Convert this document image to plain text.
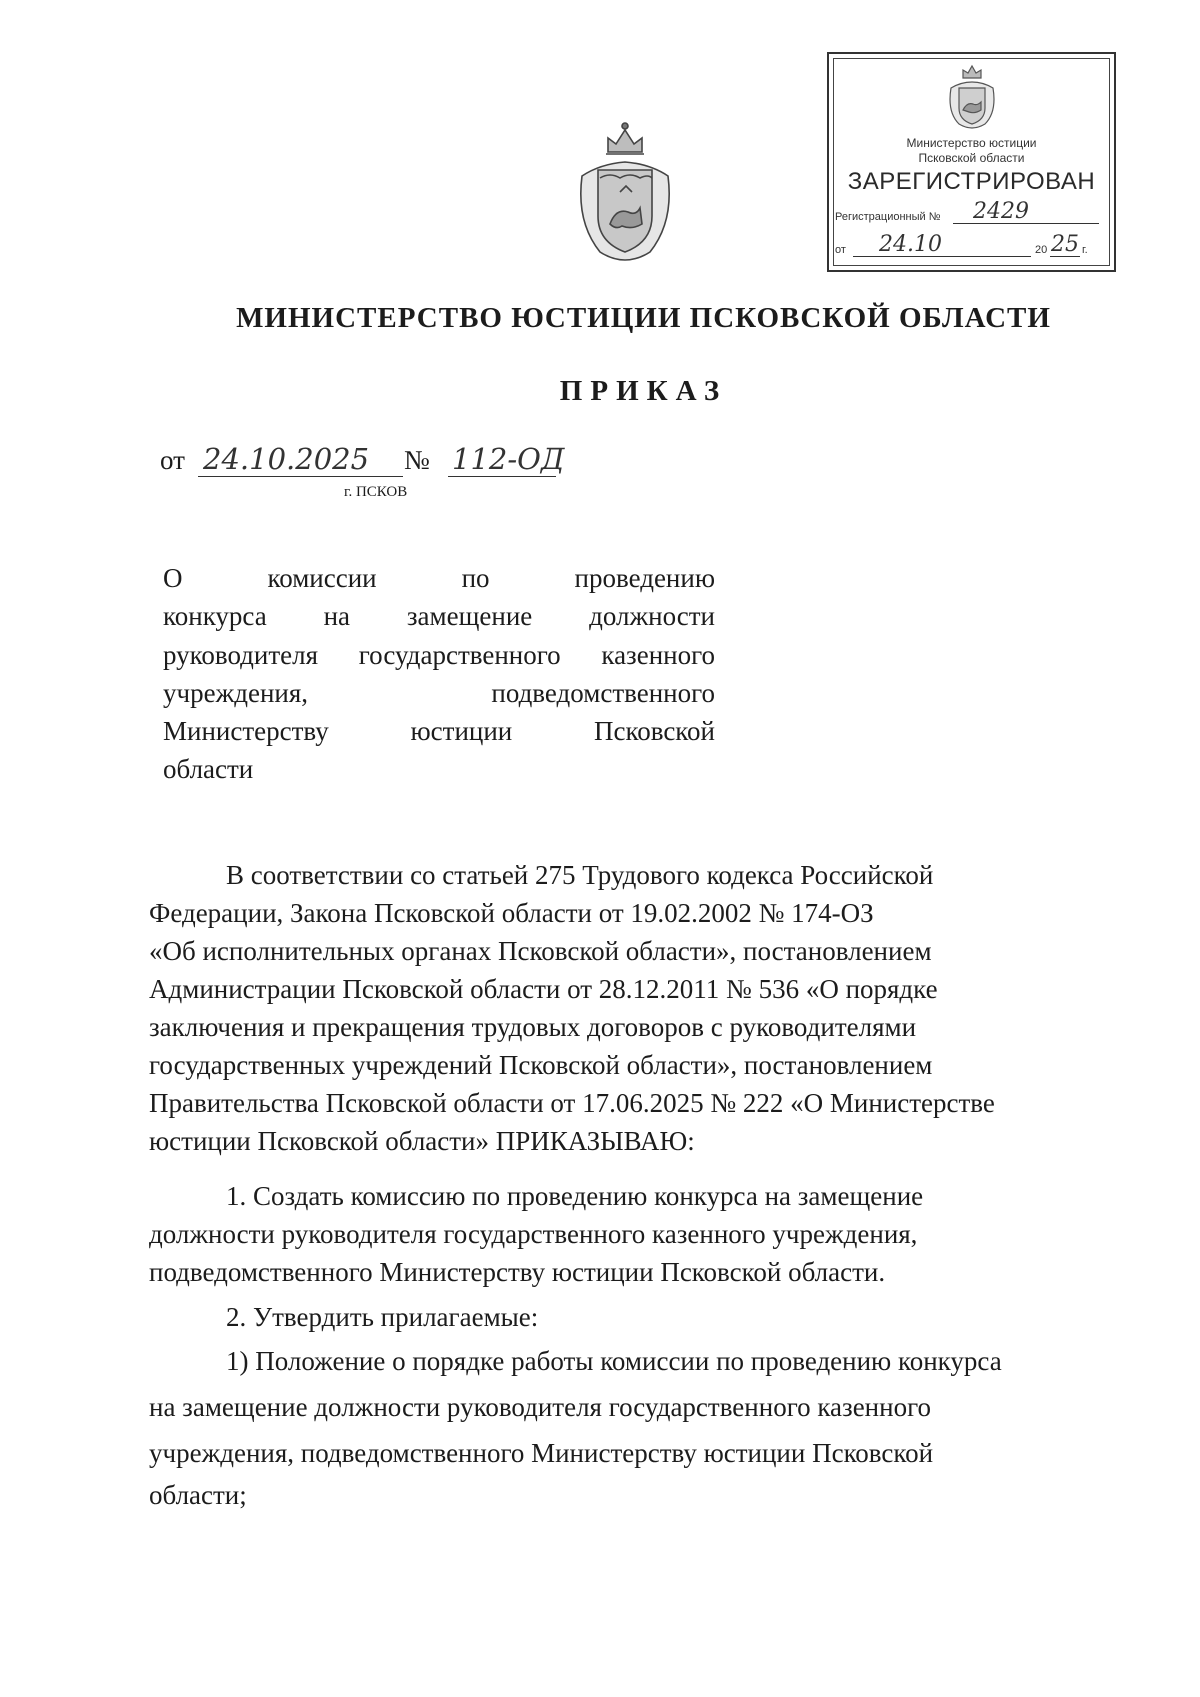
Министерство юстиции
Псковской области
ЗАРЕГИСТРИРОВАН
Регистрационный № 2429
от 24.10	20 25 г.
МИНИСТЕРСТВО ЮСТИЦИИ ПСКОВСКОЙ ОБЛАСТИ
ПРИКАЗ
от 24.10.2025 № 112-ОД
г. ПСКОВ
О комиссии по проведению
конкурса на замещение должности
руководителя государственного казенного
учреждения, подведомственного
Министерству юстиции Псковской
области
В соответствии со статьей 275 Трудового кодекса Российской
Федерации, Закона Псковской области от 19.02.2002 № 174-ОЗ
«Об исполнительных органах Псковской области», постановлением
Администрации Псковской области от 28.12.2011 № 536 «О порядке
заключения и прекращения трудовых договоров с руководителями
государственных учреждений Псковской области», постановлением
Правительства Псковской области от 17.06.2025 № 222 «О Министерстве
юстиции Псковской области» ПРИКАЗЫВАЮ:
1. Создать комиссию по проведению конкурса на замещение
должности руководителя государственного казенного учреждения,
подведомственного Министерству юстиции Псковской области.
2. Утвердить прилагаемые:
1) Положение о порядке работы комиссии по проведению конкурса
на замещение должности руководителя государственного казенного
учреждения, подведомственного Министерству юстиции Псковской
области;
